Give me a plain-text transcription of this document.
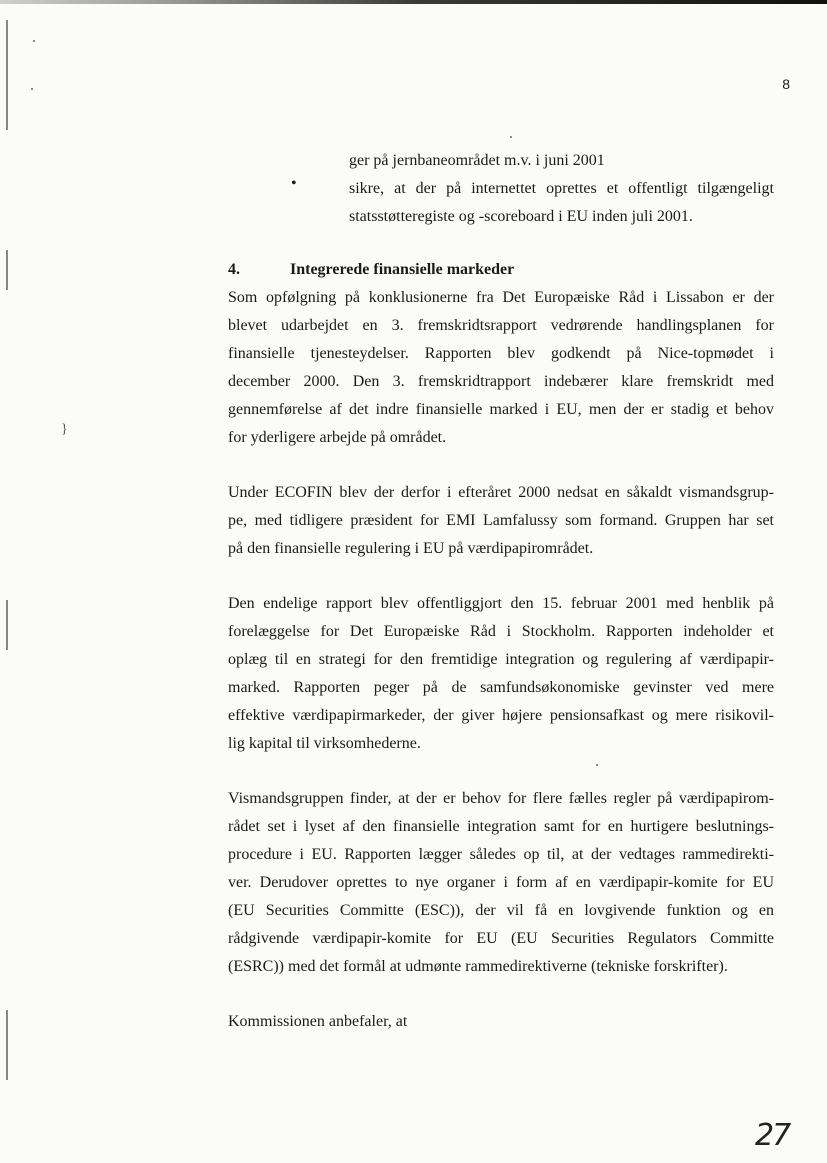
8
}
ger på jernbaneområdet m.v. i juni 2001
•	sikre, at der på internettet oprettes et offentligt tilgængeligt
statsstøtteregiste og -scoreboard i EU inden juli 2001.
4.	Integrerede finansielle markeder
Som opfølgning på konklusionerne fra Det Europæiske Råd i Lissabon er der
blevet udarbejdet en 3. fremskridtsrapport vedrørende handlingsplanen for
finansielle tjenesteydelser. Rapporten blev godkendt på Nice-topmødet i
december 2000. Den 3. fremskridtrapport indebærer klare fremskridt med
gennemførelse af det indre finansielle marked i EU, men der er stadig et behov
for yderligere arbejde på området.
Under ECOFIN blev der derfor i efteråret 2000 nedsat en såkaldt vismandsgrup-
pe, med tidligere præsident for EMI Lamfalussy som formand. Gruppen har set
på den finansielle regulering i EU på værdipapirområdet.
Den endelige rapport blev offentliggjort den 15. februar 2001 med henblik på
forelæggelse for Det Europæiske Råd i Stockholm. Rapporten indeholder et
oplæg til en strategi for den fremtidige integration og regulering af værdipapir-
marked. Rapporten peger på de samfundsøkonomiske gevinster ved mere
effektive værdipapirmarkeder, der giver højere pensionsafkast og mere risikovil-
lig kapital til virksomhederne.
Vismandsgruppen finder, at der er behov for flere fælles regler på værdipapirom-
rådet set i lyset af den finansielle integration samt for en hurtigere beslutnings-
procedure i EU. Rapporten lægger således op til, at der vedtages rammedirekti-
ver. Derudover oprettes to nye organer i form af en værdipapir-komite for EU
(EU Securities Committe (ESC)), der vil få en lovgivende funktion og en
rådgivende værdipapir-komite for EU (EU Securities Regulators Committe
(ESRC)) med det formål at udmønte rammedirektiverne (tekniske forskrifter).
Kommissionen anbefaler, at
27
